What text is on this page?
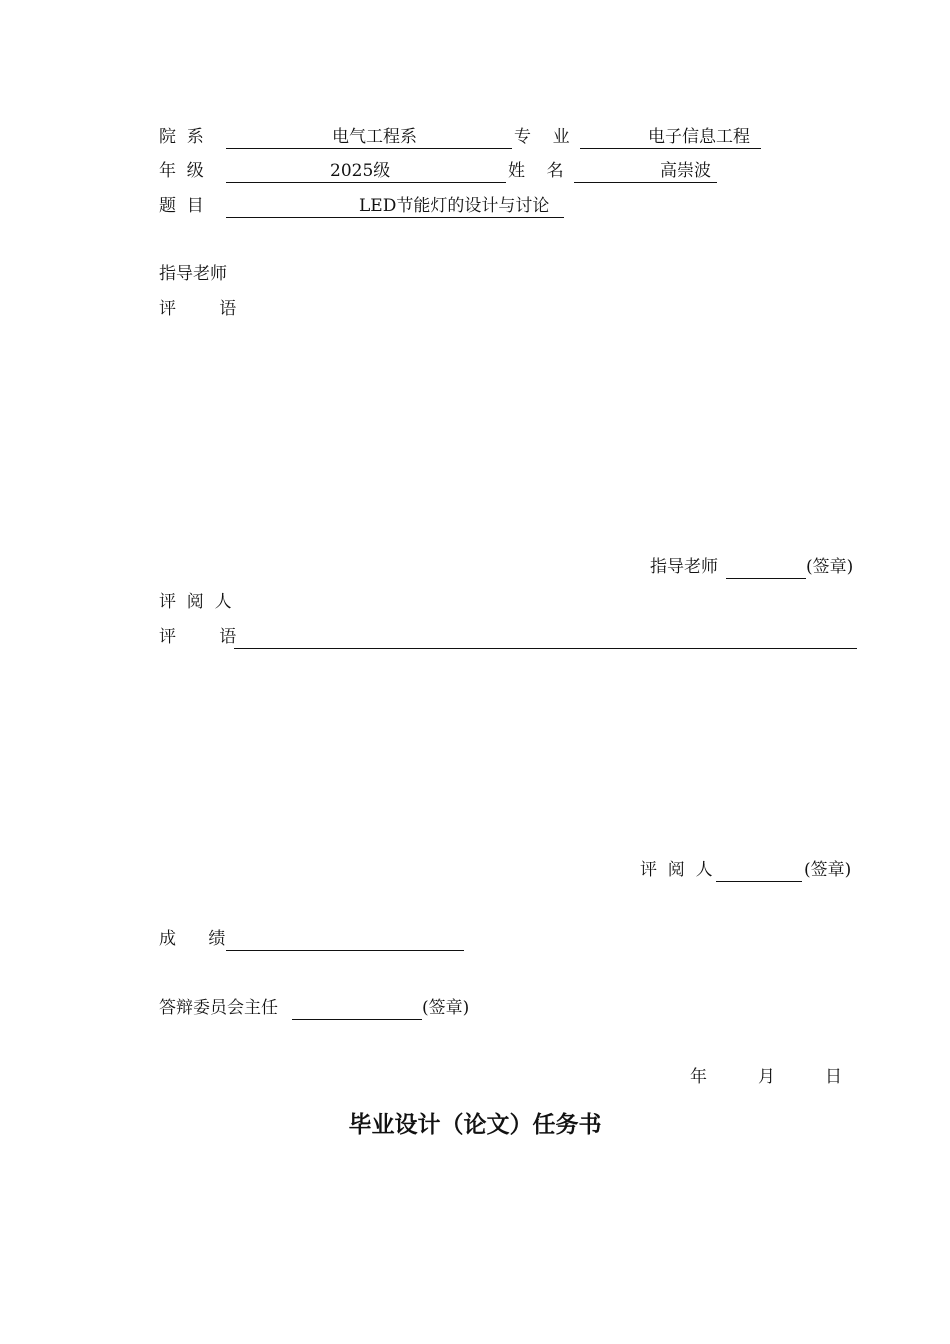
院  系	电气工程系	专    业	电子信息工程
年  级	2025级	姓    名	高崇波
题  目	LED节能灯的设计与讨论
指导老师
评        语
指导老师	(签章)
评  阅  人
评        语
评  阅  人	(签章)
成      绩
答辩委员会主任	(签章)
年	月	日
毕业设计（论文）任务书
